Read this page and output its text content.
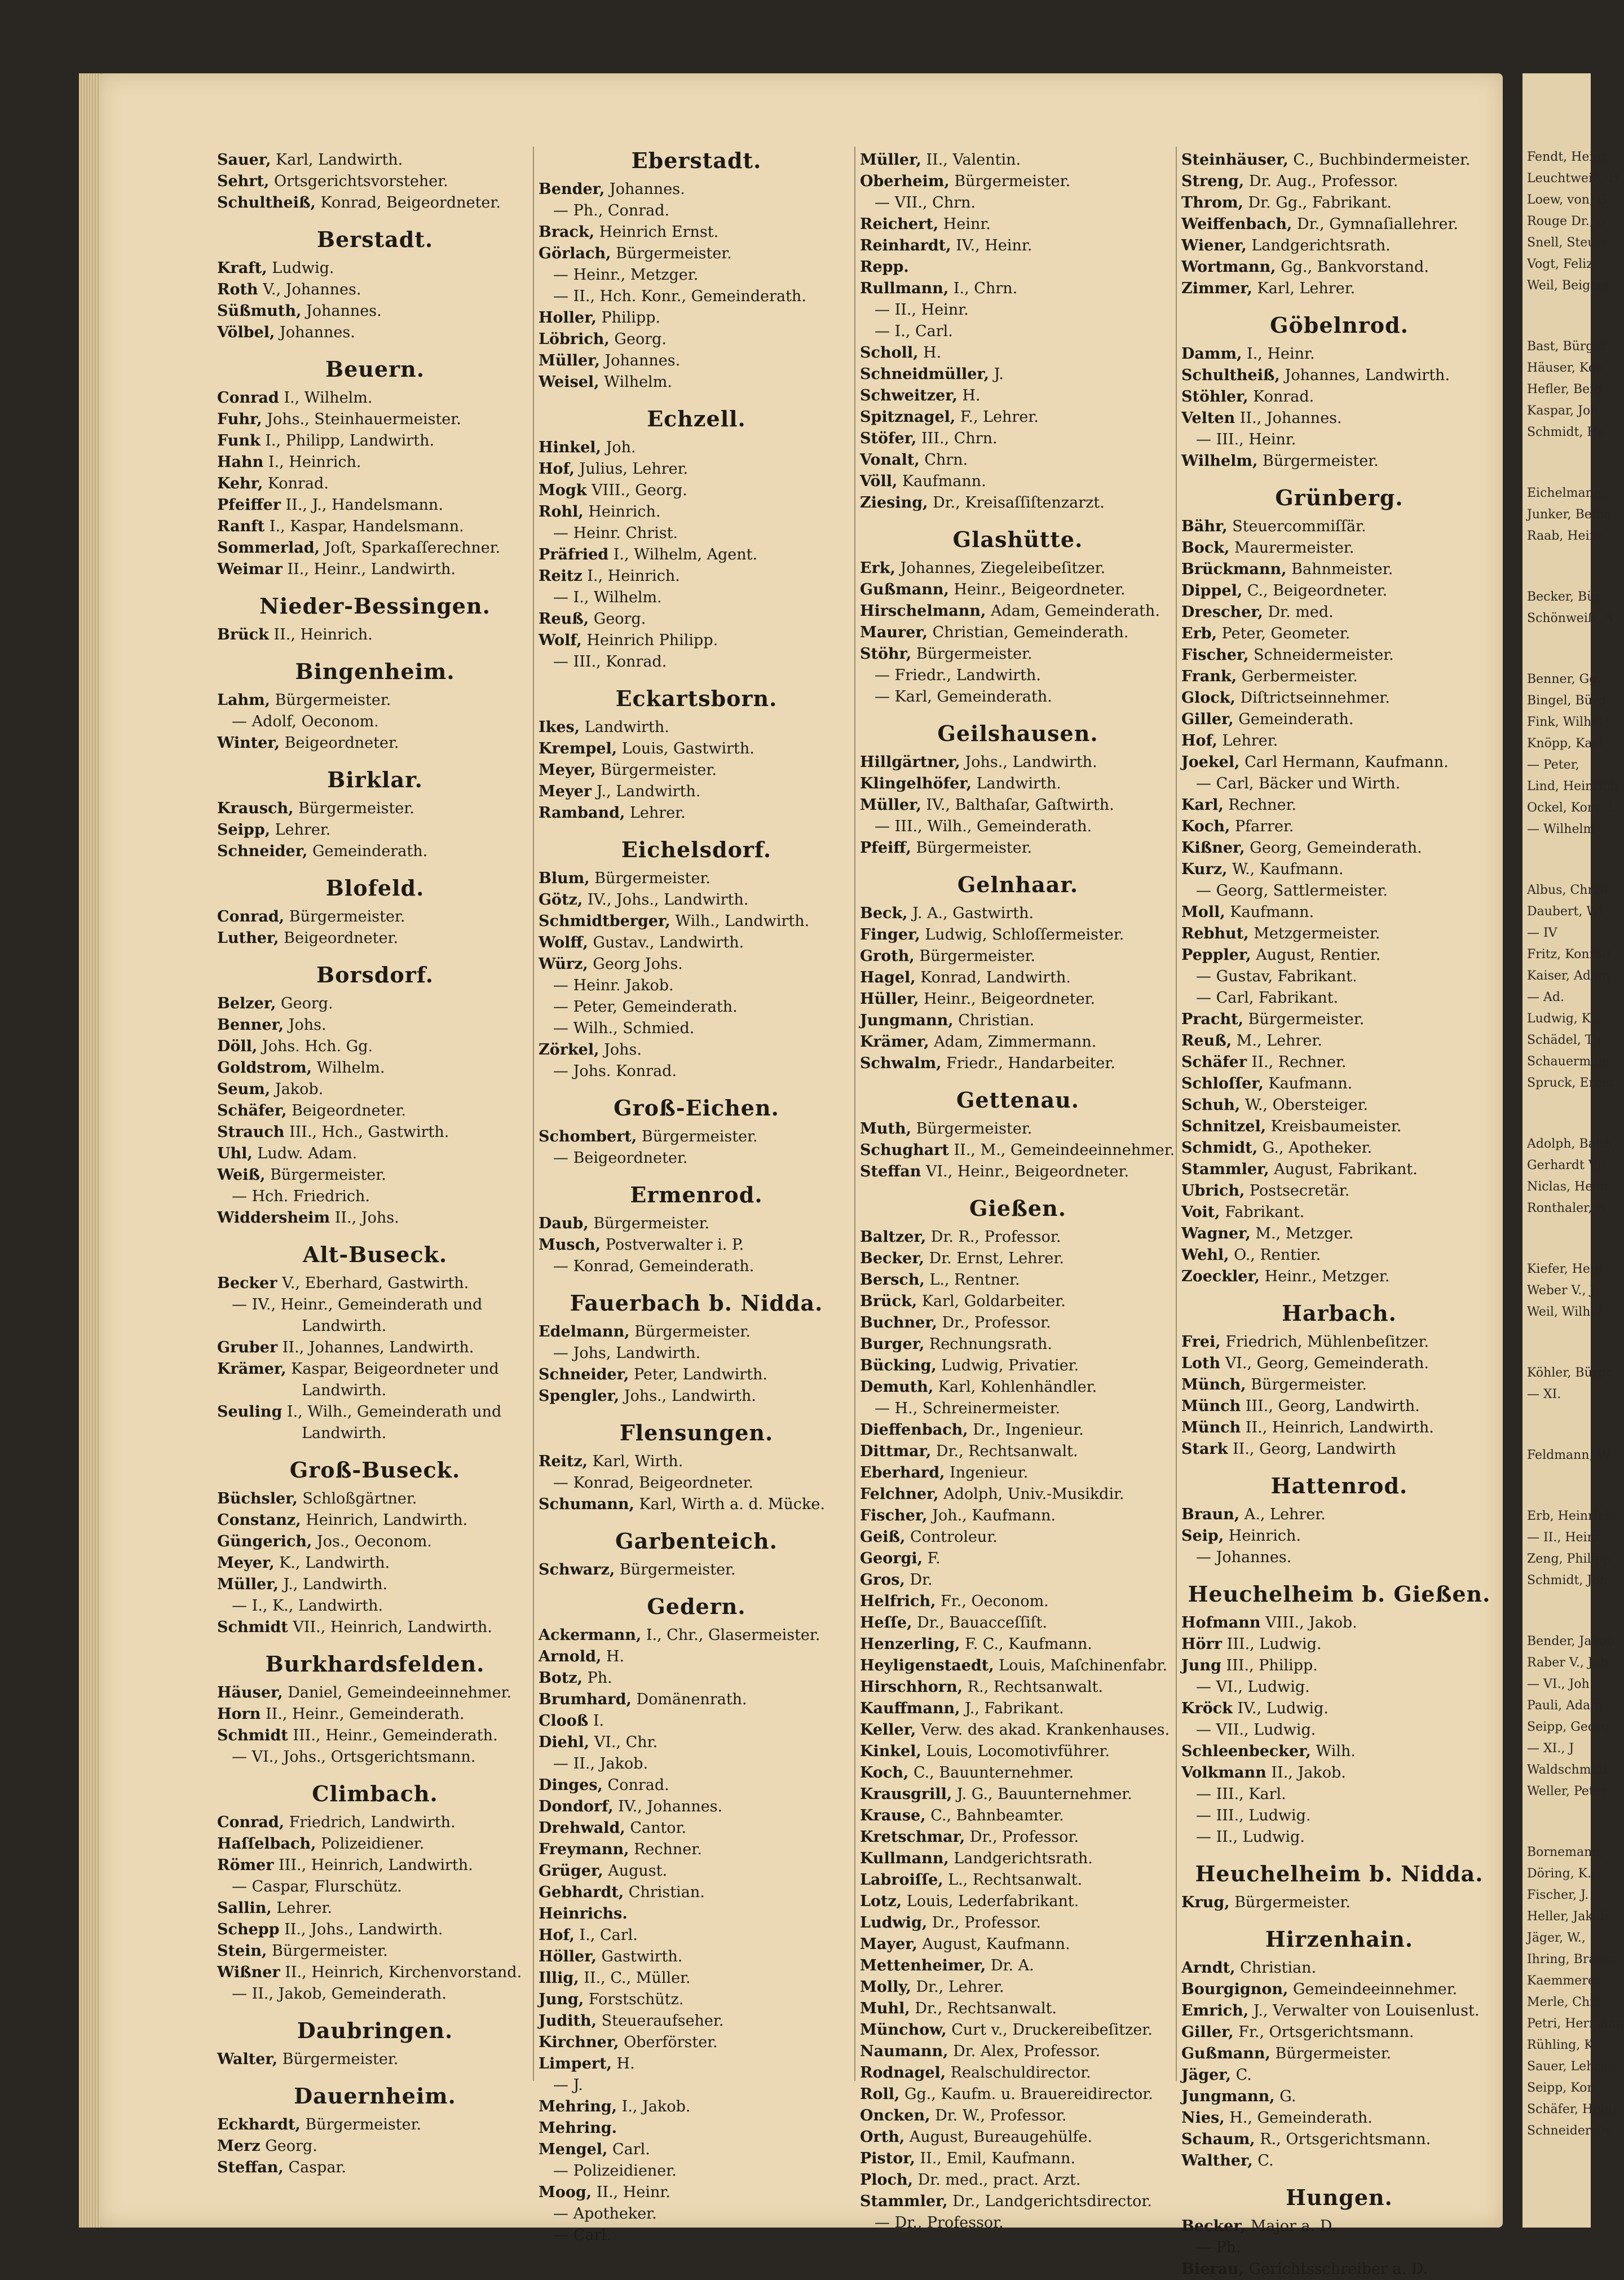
Sauer, Karl, Landwirth.
Sehrt, Ortsgerichtsvorsteher.
Schultheiß, Konrad, Beigeordneter.
Berstadt.
Kraft, Ludwig.
Roth V., Johannes.
Süßmuth, Johannes.
Völbel, Johannes.
Beuern.
Conrad I., Wilhelm.
Fuhr, Johs., Steinhauermeister.
Funk I., Philipp, Landwirth.
Hahn I., Heinrich.
Kehr, Konrad.
Pfeiffer II., J., Handelsmann.
Ranft I., Kaspar, Handelsmann.
Sommerlad, Joſt, Sparkaſſerechner.
Weimar II., Heinr., Landwirth.
Nieder-Bessingen.
Brück II., Heinrich.
Bingenheim.
Lahm, Bürgermeister.
— Adolf, Oeconom.
Winter, Beigeordneter.
Birklar.
Krausch, Bürgermeister.
Seipp, Lehrer.
Schneider, Gemeinderath.
Blofeld.
Conrad, Bürgermeister.
Luther, Beigeordneter.
Borsdorf.
Belzer, Georg.
Benner, Johs.
Döll, Johs. Hch. Gg.
Goldstrom, Wilhelm.
Seum, Jakob.
Schäfer, Beigeordneter.
Strauch III., Hch., Gastwirth.
Uhl, Ludw. Adam.
Weiß, Bürgermeister.
— Hch. Friedrich.
Widdersheim II., Johs.
Alt-Buseck.
Becker V., Eberhard, Gastwirth.
— IV., Heinr., Gemeinderath und
Landwirth.
Gruber II., Johannes, Landwirth.
Krämer, Kaspar, Beigeordneter und
Landwirth.
Seuling I., Wilh., Gemeinderath und
Landwirth.
Groß-Buseck.
Büchsler, Schloßgärtner.
Constanz, Heinrich, Landwirth.
Güngerich, Jos., Oeconom.
Meyer, K., Landwirth.
Müller, J., Landwirth.
— I., K., Landwirth.
Schmidt VII., Heinrich, Landwirth.
Burkhardsfelden.
Häuser, Daniel, Gemeindeeinnehmer.
Horn II., Heinr., Gemeinderath.
Schmidt III., Heinr., Gemeinderath.
— VI., Johs., Ortsgerichtsmann.
Climbach.
Conrad, Friedrich, Landwirth.
Haſſelbach, Polizeidiener.
Römer III., Heinrich, Landwirth.
— Caspar, Flurschütz.
Sallin, Lehrer.
Schepp II., Johs., Landwirth.
Stein, Bürgermeister.
Wißner II., Heinrich, Kirchenvorstand.
— II., Jakob, Gemeinderath.
Daubringen.
Walter, Bürgermeister.
Dauernheim.
Eckhardt, Bürgermeister.
Merz Georg.
Steffan, Caspar.
Eberstadt.
Bender, Johannes.
— Ph., Conrad.
Brack, Heinrich Ernst.
Görlach, Bürgermeister.
— Heinr., Metzger.
— II., Hch. Konr., Gemeinderath.
Holler, Philipp.
Löbrich, Georg.
Müller, Johannes.
Weisel, Wilhelm.
Echzell.
Hinkel, Joh.
Hof, Julius, Lehrer.
Mogk VIII., Georg.
Rohl, Heinrich.
— Heinr. Christ.
Präfried I., Wilhelm, Agent.
Reitz I., Heinrich.
— I., Wilhelm.
Reuß, Georg.
Wolf, Heinrich Philipp.
— III., Konrad.
Eckartsborn.
Ikes, Landwirth.
Krempel, Louis, Gastwirth.
Meyer, Bürgermeister.
Meyer J., Landwirth.
Ramband, Lehrer.
Eichelsdorf.
Blum, Bürgermeister.
Götz, IV., Johs., Landwirth.
Schmidtberger, Wilh., Landwirth.
Wolff, Gustav., Landwirth.
Würz, Georg Johs.
— Heinr. Jakob.
— Peter, Gemeinderath.
— Wilh., Schmied.
Zörkel, Johs.
— Johs. Konrad.
Groß-Eichen.
Schombert, Bürgermeister.
— Beigeordneter.
Ermenrod.
Daub, Bürgermeister.
Musch, Postverwalter i. P.
— Konrad, Gemeinderath.
Fauerbach b. Nidda.
Edelmann, Bürgermeister.
— Johs, Landwirth.
Schneider, Peter, Landwirth.
Spengler, Johs., Landwirth.
Flensungen.
Reitz, Karl, Wirth.
— Konrad, Beigeordneter.
Schumann, Karl, Wirth a. d. Mücke.
Garbenteich.
Schwarz, Bürgermeister.
Gedern.
Ackermann, I., Chr., Glasermeister.
Arnold, H.
Botz, Ph.
Brumhard, Domänenrath.
Clooß I.
Diehl, VI., Chr.
— II., Jakob.
Dinges, Conrad.
Dondorf, IV., Johannes.
Drehwald, Cantor.
Freymann, Rechner.
Grüger, August.
Gebhardt, Christian.
Heinrichs.
Hof, I., Carl.
Höller, Gastwirth.
Illig, II., C., Müller.
Jung, Forstschütz.
Judith, Steueraufseher.
Kirchner, Oberförster.
Limpert, H.
— J.
Mehring, I., Jakob.
Mehring.
Mengel, Carl.
— Polizeidiener.
Moog, II., Heinr.
— Apotheker.
— Carl.
Müller, II., Valentin.
Oberheim, Bürgermeister.
— VII., Chrn.
Reichert, Heinr.
Reinhardt, IV., Heinr.
Repp.
Rullmann, I., Chrn.
— II., Heinr.
— I., Carl.
Scholl, H.
Schneidmüller, J.
Schweitzer, H.
Spitznagel, F., Lehrer.
Stöfer, III., Chrn.
Vonalt, Chrn.
Völl, Kaufmann.
Ziesing, Dr., Kreisaſſiſtenzarzt.
Glashütte.
Erk, Johannes, Ziegeleibeſitzer.
Gußmann, Heinr., Beigeordneter.
Hirschelmann, Adam, Gemeinderath.
Maurer, Christian, Gemeinderath.
Stöhr, Bürgermeister.
— Friedr., Landwirth.
— Karl, Gemeinderath.
Geilshausen.
Hillgärtner, Johs., Landwirth.
Klingelhöfer, Landwirth.
Müller, IV., Balthaſar, Gaſtwirth.
— III., Wilh., Gemeinderath.
Pfeiff, Bürgermeister.
Gelnhaar.
Beck, J. A., Gastwirth.
Finger, Ludwig, Schloſſermeister.
Groth, Bürgermeister.
Hagel, Konrad, Landwirth.
Hüller, Heinr., Beigeordneter.
Jungmann, Christian.
Krämer, Adam, Zimmermann.
Schwalm, Friedr., Handarbeiter.
Gettenau.
Muth, Bürgermeister.
Schughart II., M., Gemeindeeinnehmer.
Steffan VI., Heinr., Beigeordneter.
Gießen.
Baltzer, Dr. R., Professor.
Becker, Dr. Ernst, Lehrer.
Bersch, L., Rentner.
Brück, Karl, Goldarbeiter.
Buchner, Dr., Professor.
Burger, Rechnungsrath.
Bücking, Ludwig, Privatier.
Demuth, Karl, Kohlenhändler.
— H., Schreinermeister.
Dieffenbach, Dr., Ingenieur.
Dittmar, Dr., Rechtsanwalt.
Eberhard, Ingenieur.
Felchner, Adolph, Univ.-Musikdir.
Fischer, Joh., Kaufmann.
Geiß, Controleur.
Georgi, F.
Gros, Dr.
Helfrich, Fr., Oeconom.
Heſſe, Dr., Bauacceſſiſt.
Henzerling, F. C., Kaufmann.
Heyligenstaedt, Louis, Maſchinenfabr.
Hirschhorn, R., Rechtsanwalt.
Kauffmann, J., Fabrikant.
Keller, Verw. des akad. Krankenhauses.
Kinkel, Louis, Locomotivführer.
Koch, C., Bauunternehmer.
Krausgrill, J. G., Bauunternehmer.
Krause, C., Bahnbeamter.
Kretschmar, Dr., Professor.
Kullmann, Landgerichtsrath.
Labroiſſe, L., Rechtsanwalt.
Lotz, Louis, Lederfabrikant.
Ludwig, Dr., Professor.
Mayer, August, Kaufmann.
Mettenheimer, Dr. A.
Molly, Dr., Lehrer.
Muhl, Dr., Rechtsanwalt.
Münchow, Curt v., Druckereibeſitzer.
Naumann, Dr. Alex, Professor.
Rodnagel, Realschuldirector.
Roll, Gg., Kaufm. u. Brauereidirector.
Oncken, Dr. W., Professor.
Orth, August, Bureaugehülfe.
Pistor, II., Emil, Kaufmann.
Ploch, Dr. med., pract. Arzt.
Stammler, Dr., Landgerichtsdirector.
— Dr., Professor.
Steinhäuser, C., Buchbindermeister.
Streng, Dr. Aug., Professor.
Throm, Dr. Gg., Fabrikant.
Weiffenbach, Dr., Gymnaſiallehrer.
Wiener, Landgerichtsrath.
Wortmann, Gg., Bankvorstand.
Zimmer, Karl, Lehrer.
Göbelnrod.
Damm, I., Heinr.
Schultheiß, Johannes, Landwirth.
Stöhler, Konrad.
Velten II., Johannes.
— III., Heinr.
Wilhelm, Bürgermeister.
Grünberg.
Bähr, Steuercommiſſär.
Bock, Maurermeister.
Brückmann, Bahnmeister.
Dippel, C., Beigeordneter.
Drescher, Dr. med.
Erb, Peter, Geometer.
Fischer, Schneidermeister.
Frank, Gerbermeister.
Glock, Diſtrictseinnehmer.
Giller, Gemeinderath.
Hof, Lehrer.
Joekel, Carl Hermann, Kaufmann.
— Carl, Bäcker und Wirth.
Karl, Rechner.
Koch, Pfarrer.
Kißner, Georg, Gemeinderath.
Kurz, W., Kaufmann.
— Georg, Sattlermeister.
Moll, Kaufmann.
Rebhut, Metzgermeister.
Peppler, August, Rentier.
— Gustav, Fabrikant.
— Carl, Fabrikant.
Pracht, Bürgermeister.
Reuß, M., Lehrer.
Schäfer II., Rechner.
Schloſſer, Kaufmann.
Schuh, W., Obersteiger.
Schnitzel, Kreisbaumeister.
Schmidt, G., Apotheker.
Stammler, August, Fabrikant.
Ubrich, Postsecretär.
Voit, Fabrikant.
Wagner, M., Metzger.
Wehl, O., Rentier.
Zoeckler, Heinr., Metzger.
Harbach.
Frei, Friedrich, Mühlenbeſitzer.
Loth VI., Georg, Gemeinderath.
Münch, Bürgermeister.
Münch III., Georg, Landwirth.
Münch II., Heinrich, Landwirth.
Stark II., Georg, Landwirth
Hattenrod.
Braun, A., Lehrer.
Seip, Heinrich.
— Johannes.
Heuchelheim b. Gießen.
Hofmann VIII., Jakob.
Hörr III., Ludwig.
Jung III., Philipp.
— VI., Ludwig.
Kröck IV., Ludwig.
— VII., Ludwig.
Schleenbecker, Wilh.
Volkmann II., Jakob.
— III., Karl.
— III., Ludwig.
— II., Ludwig.
Heuchelheim b. Nidda.
Krug, Bürgermeister.
Hirzenhain.
Arndt, Christian.
Bourgignon, Gemeindeeinnehmer.
Emrich, J., Verwalter von Louisenlust.
Giller, Fr., Ortsgerichtsmann.
Gußmann, Bürgermeister.
Jäger, C.
Jungmann, G.
Nies, H., Gemeinderath.
Schaum, R., Ortsgerichtsmann.
Walther, C.
Hungen.
Becker, Major a. D.
— Ph.
Bierau, Gerichtsschreiber a. D.
Fendt, Heinr.
Leuchtweiß, H
Loew, von, G
Rouge Dr., p
Snell, Steuer
Vogt, Feliz,
Weil, Beigeor
Bast, Bürger
Häuser, Kon
Hefler, Beig
Kaspar, Joh
Schmidt, He
Eichelmann,
Junker, Beige
Raab, Heinr.
Becker, Bür
Schönweiß, B
Benner, Gg.
Bingel, Bürg
Fink, Wilhel
Knöpp, Karl
— Peter,
Lind, Heinrich
Ockel, Konr. L
— Wilhelm
Albus, Christ
Daubert, Wi
— IV
Fritz, Konrad
Kaiser, Adam
— Ad.
Ludwig, K.,
Schädel, Th
Schauerman
Spruck, Ernst
Adolph, Balth
Gerhardt VII.
Niclas, Heinr
Ronthaler, B
Kiefer, Hein
Weber V., J
Weil, Wilhel
Köhler, Bürge
— XI.
Feldmann, W
Erb, Heinrich
— II., Heinr
Zeng, Philipp
Schmidt, Joh
Bender, Jakob
Raber V., Joh.
— VI., Joh
Pauli, Adam
Seipp, Georg
— XI., J
Waldschmidt
Weller, Peter
Bornemann,
Döring, K.,
Fischer, J.
Heller, Jakob
Jäger, W.,
Ihring, Brauer
Kaemmerer
Merle, Chri
Petri, Hermann
Rühling, K.
Sauer, Lehrer
Seipp, Kon
Schäfer, Heinr
Schneider Dr.
